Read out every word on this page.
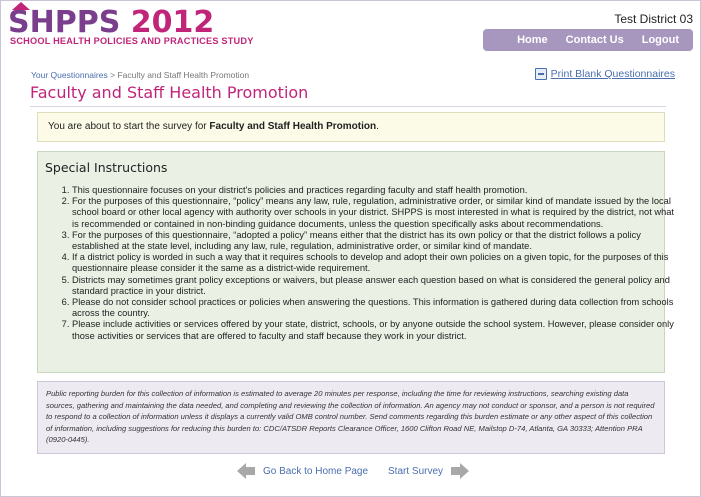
SHPPS 2012
SCHOOL HEALTH POLICIES AND PRACTICES STUDY
Test District 03
Home Contact Us Logout
Your Questionnaires > Faculty and Staff Health Promotion	Print Blank Questionnaires
Faculty and Staff Health Promotion
You are about to start the survey for Faculty and Staff Health Promotion.
Special Instructions
1. This questionnaire focuses on your district's policies and practices regarding faculty and staff health promotion.
2. For the purposes of this questionnaire, “policy” means any law, rule, regulation, administrative order, or similar kind of mandate issued by the local school board or other local agency with authority over schools in your district. SHPPS is most interested in what is required by the district, not what is recommended or contained in non-binding guidance documents, unless the question specifically asks about recommendations.
3. For the purposes of this questionnaire, “adopted a policy” means either that the district has its own policy or that the district follows a policy established at the state level, including any law, rule, regulation, administrative order, or similar kind of mandate.
4. If a district policy is worded in such a way that it requires schools to develop and adopt their own policies on a given topic, for the purposes of this questionnaire please consider it the same as a district-wide requirement.
5. Districts may sometimes grant policy exceptions or waivers, but please answer each question based on what is considered the general policy and standard practice in your district.
6. Please do not consider school practices or policies when answering the questions. This information is gathered during data collection from schools across the country.
7. Please include activities or services offered by your state, district, schools, or by anyone outside the school system. However, please consider only those activities or services that are offered to faculty and staff because they work in your district.
Public reporting burden for this collection of information is estimated to average 20 minutes per response, including the time for reviewing instructions, searching existing data sources, gathering and maintaining the data needed, and completing and reviewing the collection of information. An agency may not conduct or sponsor, and a person is not required to respond to a collection of information unless it displays a currently valid OMB control number. Send comments regarding this burden estimate or any other aspect of this collection of information, including suggestions for reducing this burden to: CDC/ATSDR Reports Clearance Officer, 1600 Clifton Road NE, Mailstop D-74, Atlanta, GA 30333; Attention PRA (0920-0445).
Go Back to Home Page Start Survey
